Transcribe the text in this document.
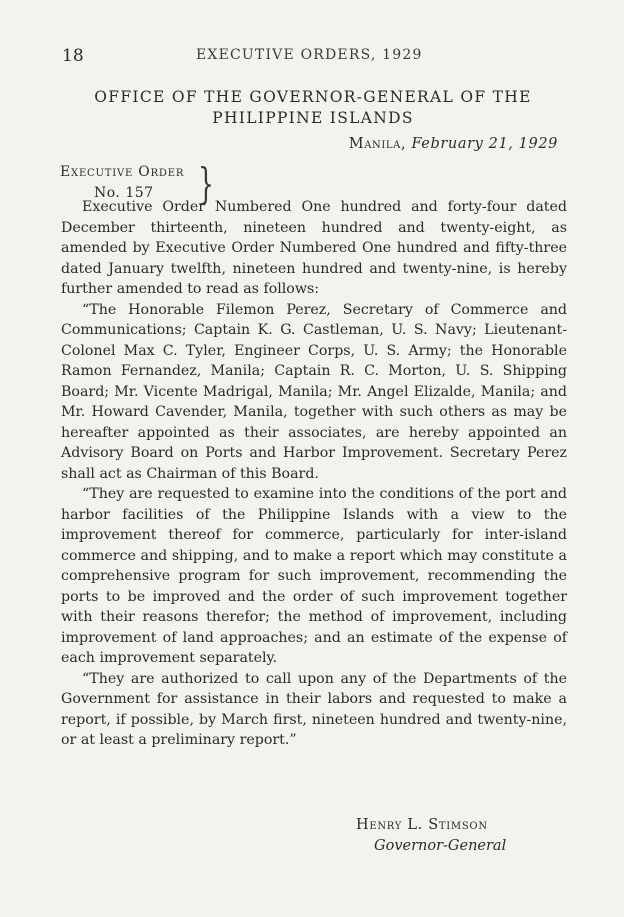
18	EXECUTIVE ORDERS, 1929
OFFICE OF THE GOVERNOR-GENERAL OF THE
PHILIPPINE ISLANDS
Manila, February 21, 1929
Executive Order
No. 157 }

Executive Order Numbered One hundred and forty-four dated December thirteenth, nineteen hundred and twenty-eight, as amended by Executive Order Numbered One hundred and fifty-three dated January twelfth, nineteen hundred and twenty-nine, is hereby further amended to read as follows:

“The Honorable Filemon Perez, Secretary of Commerce and Communications; Captain K. G. Castleman, U. S. Navy; Lieutenant-Colonel Max C. Tyler, Engineer Corps, U. S. Army; the Honorable Ramon Fernandez, Manila; Captain R. C. Morton, U. S. Shipping Board; Mr. Vicente Madrigal, Manila; Mr. Angel Elizalde, Manila; and Mr. Howard Cavender, Manila, together with such others as may be hereafter appointed as their associates, are hereby appointed an Advisory Board on Ports and Harbor Improvement. Secretary Perez shall act as Chairman of this Board.

“They are requested to examine into the conditions of the port and harbor facilities of the Philippine Islands with a view to the improvement thereof for commerce, particularly for inter-island commerce and shipping, and to make a report which may constitute a comprehensive program for such improvement, recommending the ports to be improved and the order of such improvement together with their reasons therefor; the method of improvement, including improvement of land approaches; and an estimate of the expense of each improvement separately.

“They are authorized to call upon any of the Departments of the Government for assistance in their labors and requested to make a report, if possible, by March first, nineteen hundred and twenty-nine, or at least a preliminary report.”

Henry L. Stimson
Governor-General
